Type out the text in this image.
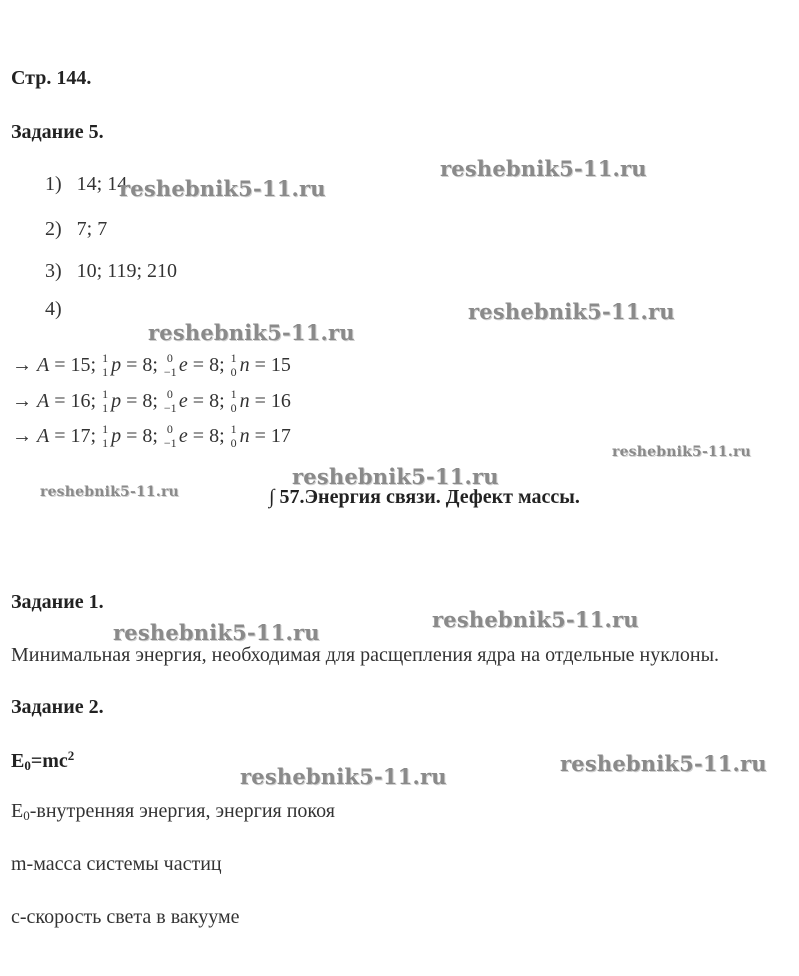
Стр. 144.
Задание 5.
1) 14; 14
2) 7; 7
3) 10; 119; 210
4)
→ A = 15; 1
1 p = 8; 0
−1 e = 8; 1
0 n = 15
→ A = 16; 1
1 p = 8; 0
−1 e = 8; 1
0 n = 16
→ A = 17; 1
1 p = 8; 0
−1 e = 8; 1
0 n = 17
∫ 57.Энергия связи. Дефект массы.
Задание 1.
Минимальная энергия, необходимая для расщепления ядра на отдельные нуклоны.
Задание 2.
$E_0=mc^2$
$E_0$-внутренняя энергия, энергия покоя
m-масса системы частиц
c-скорость света в вакууме
reshebnik5-11.ru
reshebnik5-11.ru
reshebnik5-11.ru
reshebnik5-11.ru
reshebnik5-11.ru
reshebnik5-11.ru
reshebnik5-11.ru
reshebnik5-11.ru
reshebnik5-11.ru
reshebnik5-11.ru
reshebnik5-11.ru
